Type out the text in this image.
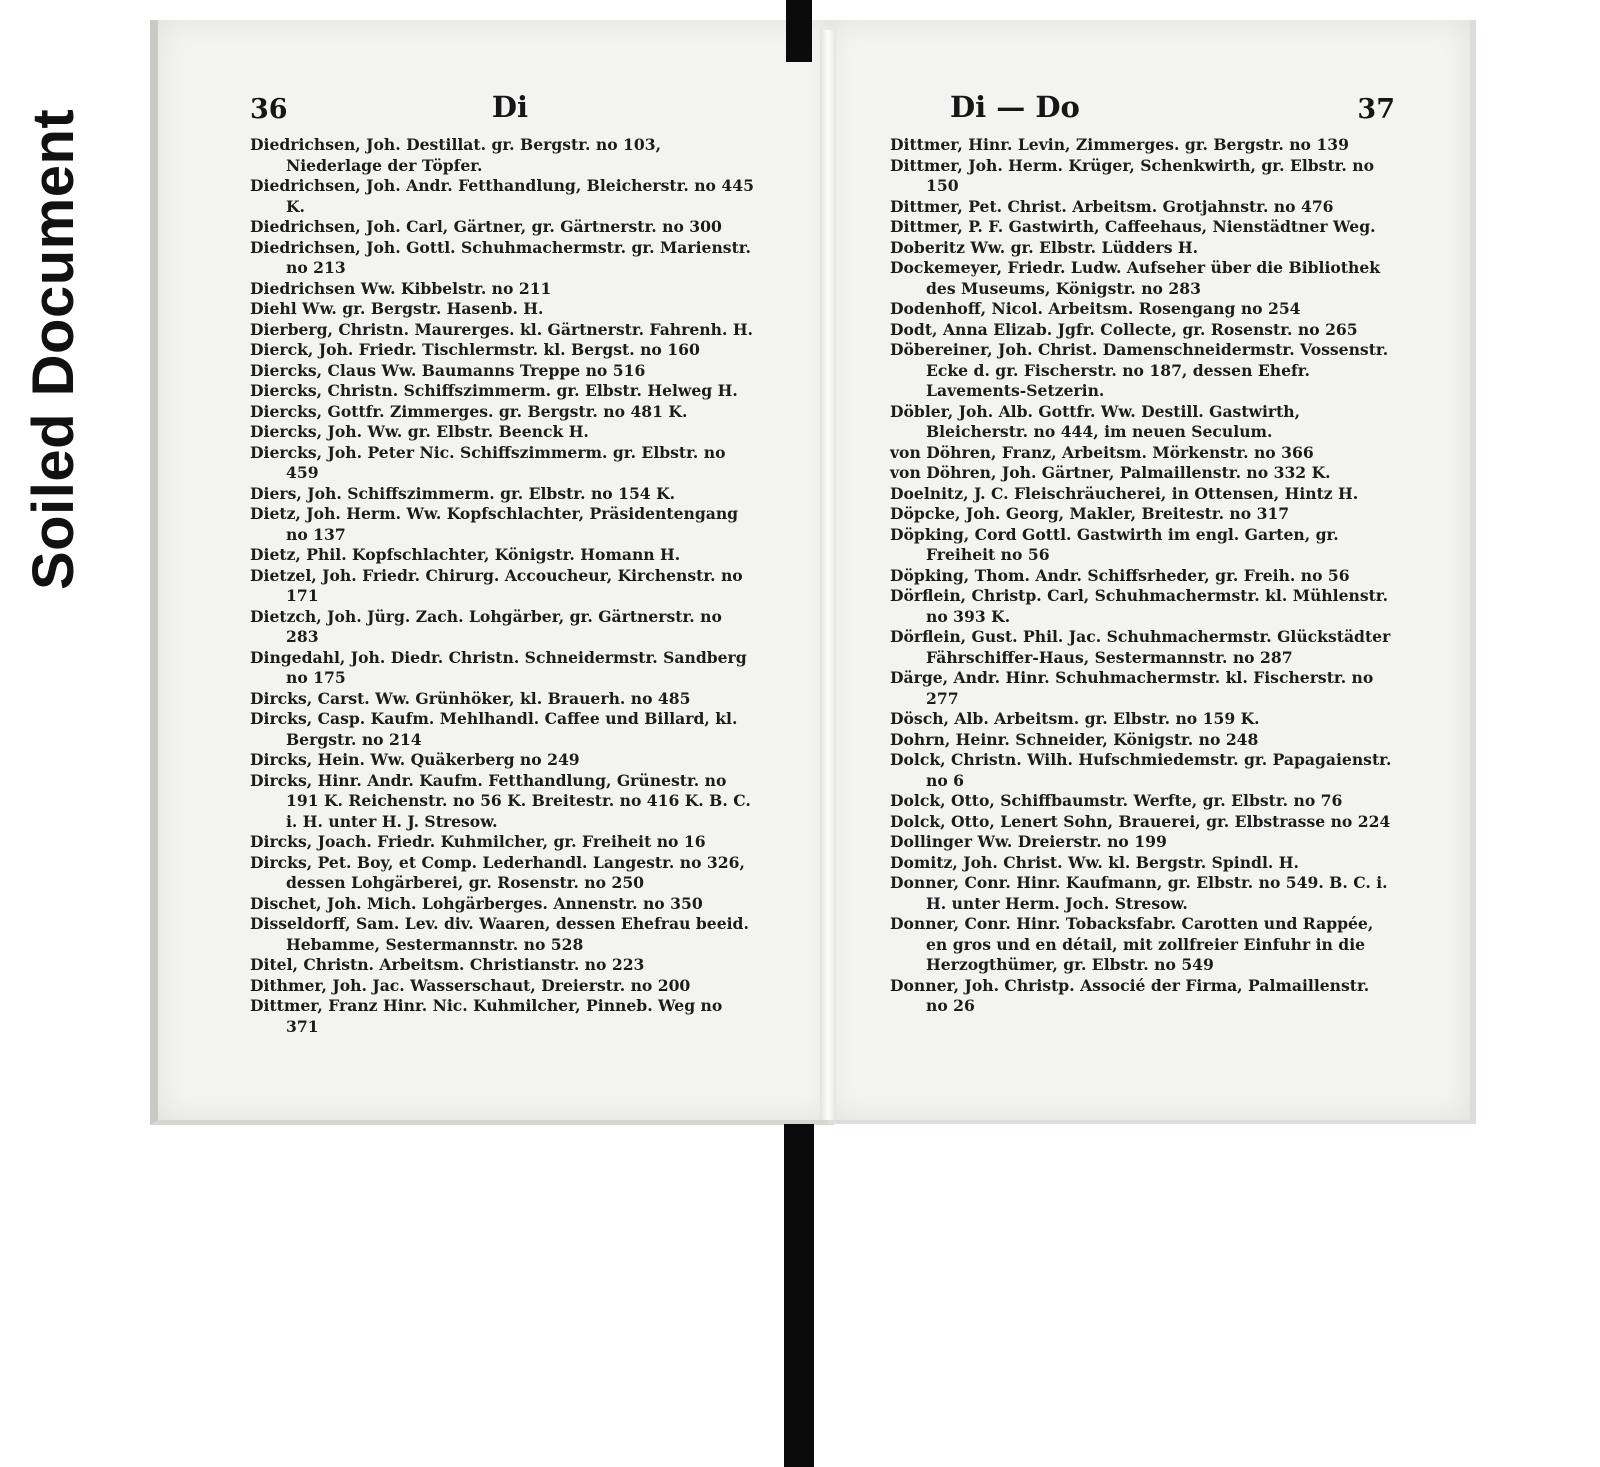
Soiled Document	36	Di	Di — Do	37

Diedrichsen, Joh. Destillat. gr. Bergstr. no 103, Niederlage der Töpfer.

Diedrichsen, Joh. Andr. Fetthandlung, Bleicherstr. no 445 K.

Diedrichsen, Joh. Carl, Gärtner, gr. Gärtnerstr. no 300

Diedrichsen, Joh. Gottl. Schuhmachermstr. gr. Marienstr. no 213

Diedrichsen Ww. Kibbelstr. no 211

Diehl Ww. gr. Bergstr. Hasenb. H.

Dierberg, Christn. Maurerges. kl. Gärtnerstr. Fahrenh. H.

Dierck, Joh. Friedr. Tischlermstr. kl. Bergst. no 160

Diercks, Claus Ww. Baumanns Treppe no 516

Diercks, Christn. Schiffszimmerm. gr. Elbstr. Helweg H.

Diercks, Gottfr. Zimmerges. gr. Bergstr. no 481 K.

Diercks, Joh. Ww. gr. Elbstr. Beenck H.

Diercks, Joh. Peter Nic. Schiffszimmerm. gr. Elbstr. no 459

Diers, Joh. Schiffszimmerm. gr. Elbstr. no 154 K.

Dietz, Joh. Herm. Ww. Kopfschlachter, Präsidentengang no 137

Dietz, Phil. Kopfschlachter, Königstr. Homann H.

Dietzel, Joh. Friedr. Chirurg. Accoucheur, Kirchenstr. no 171

Dietzch, Joh. Jürg. Zach. Lohgärber, gr. Gärtnerstr. no 283

Dingedahl, Joh. Diedr. Christn. Schneidermstr. Sandberg no 175

Dircks, Carst. Ww. Grünhöker, kl. Brauerh. no 485

Dircks, Casp. Kaufm. Mehlhandl. Caffee und Billard, kl. Bergstr. no 214

Dircks, Hein. Ww. Quäkerberg no 249

Dircks, Hinr. Andr. Kaufm. Fetthandlung, Grünestr. no 191 K. Reichenstr. no 56 K. Breitestr. no 416 K. B. C. i. H. unter H. J. Stresow.

Dircks, Joach. Friedr. Kuhmilcher, gr. Freiheit no 16

Dircks, Pet. Boy, et Comp. Lederhandl. Langestr. no 326, dessen Lohgärberei, gr. Rosenstr. no 250

Dischet, Joh. Mich. Lohgärberges. Annenstr. no 350

Disseldorff, Sam. Lev. div. Waaren, dessen Ehefrau beeid. Hebamme, Sestermannstr. no 528

Ditel, Christn. Arbeitsm. Christianstr. no 223

Dithmer, Joh. Jac. Wasserschaut, Dreierstr. no 200

Dittmer, Franz Hinr. Nic. Kuhmilcher, Pinneb. Weg no 371

Dittmer, Hinr. Levin, Zimmerges. gr. Bergstr. no 139

Dittmer, Joh. Herm. Krüger, Schenkwirth, gr. Elbstr. no 150

Dittmer, Pet. Christ. Arbeitsm. Grotjahnstr. no 476

Dittmer, P. F. Gastwirth, Caffeehaus, Nienstädtner Weg.

Doberitz Ww. gr. Elbstr. Lüdders H.

Dockemeyer, Friedr. Ludw. Aufseher über die Bibliothek des Museums, Königstr. no 283

Dodenhoff, Nicol. Arbeitsm. Rosengang no 254

Dodt, Anna Elizab. Jgfr. Collecte, gr. Rosenstr. no 265

Döbereiner, Joh. Christ. Damenschneidermstr. Vossenstr. Ecke d. gr. Fischerstr. no 187, dessen Ehefr. Lavements-Setzerin.

Döbler, Joh. Alb. Gottfr. Ww. Destill. Gastwirth, Bleicherstr. no 444, im neuen Seculum.

von Döhren, Franz, Arbeitsm. Mörkenstr. no 366

von Döhren, Joh. Gärtner, Palmaillenstr. no 332 K.

Doelnitz, J. C. Fleischräucherei, in Ottensen, Hintz H.

Döpcke, Joh. Georg, Makler, Breitestr. no 317

Döpking, Cord Gottl. Gastwirth im engl. Garten, gr. Freiheit no 56

Döpking, Thom. Andr. Schiffsrheder, gr. Freih. no 56

Dörflein, Christp. Carl, Schuhmachermstr. kl. Mühlenstr. no 393 K.

Dörflein, Gust. Phil. Jac. Schuhmachermstr. Glückstädter Fährschiffer-Haus, Sestermannstr. no 287

Därge, Andr. Hinr. Schuhmachermstr. kl. Fischerstr. no 277

Dösch, Alb. Arbeitsm. gr. Elbstr. no 159 K.

Dohrn, Heinr. Schneider, Königstr. no 248

Dolck, Christn. Wilh. Hufschmiedemstr. gr. Papagaienstr. no 6

Dolck, Otto, Schiffbaumstr. Werfte, gr. Elbstr. no 76

Dolck, Otto, Lenert Sohn, Brauerei, gr. Elbstrasse no 224

Dollinger Ww. Dreierstr. no 199

Domitz, Joh. Christ. Ww. kl. Bergstr. Spindl. H.

Donner, Conr. Hinr. Kaufmann, gr. Elbstr. no 549. B. C. i. H. unter Herm. Joch. Stresow.

Donner, Conr. Hinr. Tobacksfabr. Carotten und Rappée, en gros und en détail, mit zollfreier Einfuhr in die Herzogthümer, gr. Elbstr. no 549

Donner, Joh. Christp. Associé der Firma, Palmaillenstr. no 26
